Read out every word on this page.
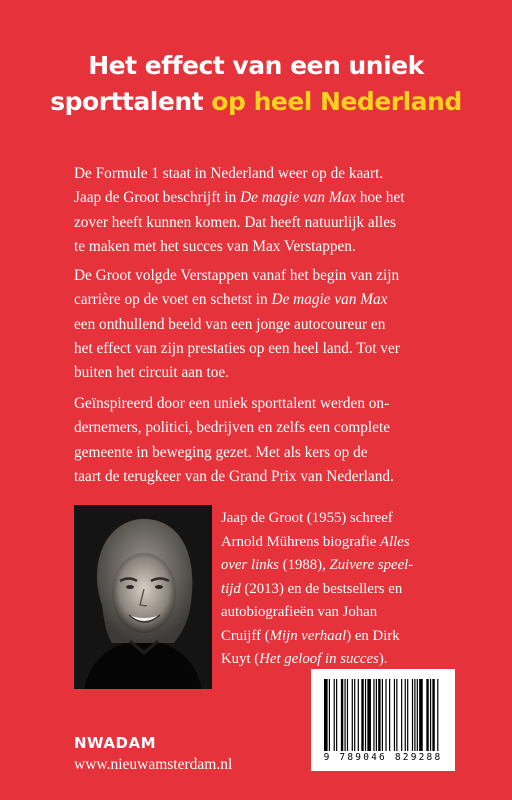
Het effect van een uniek
sporttalent op heel Nederland

De Formule 1 staat in Nederland weer op de kaart.
Jaap de Groot beschrijft in De magie van Max hoe het
zover heeft kunnen komen. Dat heeft natuurlijk alles
te maken met het succes van Max Verstappen.

De Groot volgde Verstappen vanaf het begin van zijn
carrière op de voet en schetst in De magie van Max
een onthullend beeld van een jonge autocoureur en
het effect van zijn prestaties op een heel land. Tot ver
buiten het circuit aan toe.

Geïnspireerd door een uniek sporttalent werden on-
dernemers, politici, bedrijven en zelfs een complete
gemeente in beweging gezet. Met als kers op de
taart de terugkeer van de Grand Prix van Nederland.

Jaap de Groot (1955) schreef
Arnold Mührens biografie Alles
over links (1988), Zuivere speel-
tijd (2013) en de bestsellers en
autobiografieën van Johan
Cruijff (Mijn verhaal) en Dirk
Kuyt (Het geloof in succes).
NWADAM
www.nieuwamsterdam.nl	9 789046 829288
